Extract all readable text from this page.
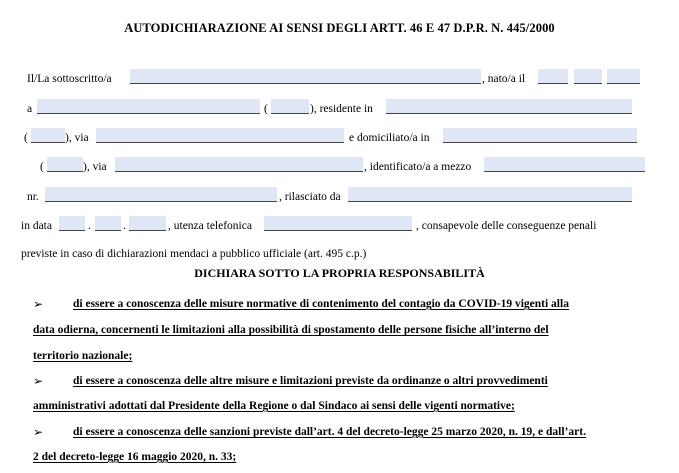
AUTODICHIARAZIONE AI SENSI DEGLI ARTT. 46 E 47 D.P.R. N. 445/2000
Il/La sottoscritto/a	, nato/a il
a	(	), residente in
(	), via	e domiciliato/a in
(	), via	, identificato/a a mezzo
nr.	, rilasciato da
in data	.	.	, utenza telefonica	, consapevole delle conseguenze penali
previste in caso di dichiarazioni mendaci a pubblico ufficiale (art. 495 c.p.)
DICHIARA SOTTO LA PROPRIA RESPONSABILITÀ
➢	di essere a conoscenza delle misure normative di contenimento del contagio da COVID-19 vigenti alla
data odierna, concernenti le limitazioni alla possibilità di spostamento delle persone fisiche all’interno del
territorio nazionale;
➢	di essere a conoscenza delle altre misure e limitazioni previste da ordinanze o altri provvedimenti
amministrativi adottati dal Presidente della Regione o dal Sindaco ai sensi delle vigenti normative;
➢	di essere a conoscenza delle sanzioni previste dall’art. 4 del decreto-legge 25 marzo 2020, n. 19, e dall’art.
2 del decreto-legge 16 maggio 2020, n. 33;
